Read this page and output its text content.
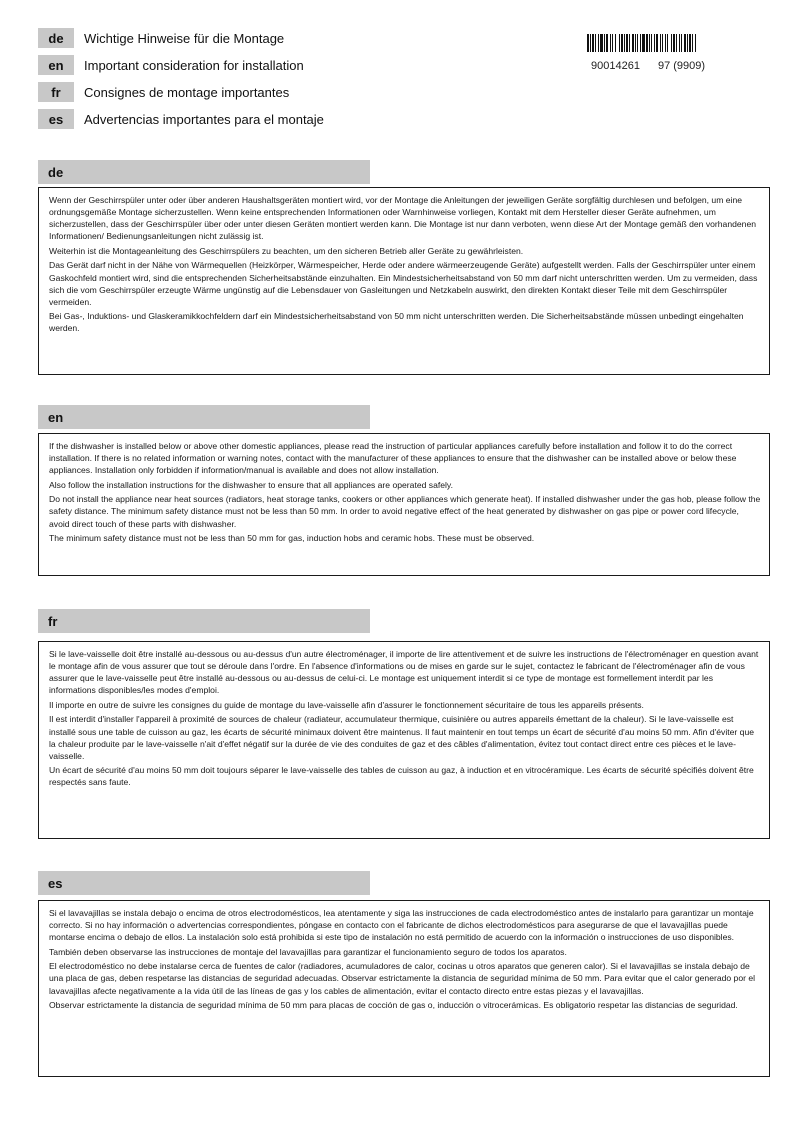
de	Wichtige Hinweise für die Montage
en	Important consideration for installation
fr	Consignes de montage importantes
es	Advertencias importantes para el montaje
90014261 97 (9909)
de

Wenn der Geschirrspüler unter oder über anderen Haushaltsgeräten montiert wird, vor der Montage die Anleitungen der jeweiligen Geräte sorgfältig durchlesen und befolgen, um eine ordnungsgemäße Montage sicherzustellen. Wenn keine entsprechenden Informationen oder Warnhinweise vorliegen, Kontakt mit dem Hersteller dieser Geräte aufnehmen, um sicherzustellen, dass der Geschirrspüler über oder unter diesen Geräten montiert werden kann. Die Montage ist nur dann verboten, wenn diese Art der Montage gemäß den vorhandenen Informationen/ Bedienungsanleitungen nicht zulässig ist.

Weiterhin ist die Montageanleitung des Geschirrspülers zu beachten, um den sicheren Betrieb aller Geräte zu gewährleisten.

Das Gerät darf nicht in der Nähe von Wärmequellen (Heizkörper, Wärmespeicher, Herde oder andere wärmeerzeugende Geräte) aufgestellt werden. Falls der Geschirrspüler unter einem Gaskochfeld montiert wird, sind die entsprechenden Sicherheitsabstände einzuhalten. Ein Mindestsicherheitsabstand von 50 mm darf nicht unterschritten werden. Um zu vermeiden, dass sich die vom Geschirrspüler erzeugte Wärme ungünstig auf die Lebensdauer von Gasleitungen und Netzkabeln auswirkt, den direkten Kontakt dieser Teile mit dem Geschirrspüler vermeiden.

Bei Gas-, Induktions- und Glaskeramikkochfeldern darf ein Mindestsicherheitsabstand von 50 mm nicht unterschritten werden. Die Sicherheitsabstände müssen unbedingt eingehalten werden.

en

If the dishwasher is installed below or above other domestic appliances, please read the instruction of particular appliances carefully before installation and follow it to do the correct installation. If there is no related information or warning notes, contact with the manufacturer of these appliances to ensure that the dishwasher can be installed above or below these appliances. Installation only forbidden if information/manual is available and does not allow installation.

Also follow the installation instructions for the dishwasher to ensure that all appliances are operated safely.

Do not install the appliance near heat sources (radiators, heat storage tanks, cookers or other appliances which generate heat). If installed dishwasher under the gas hob, please follow the safety distance. The minimum safety distance must not be less than 50 mm. In order to avoid negative effect of the heat generated by dishwasher on gas pipe or power cord lifecycle, avoid direct touch of these parts with dishwasher.

The minimum safety distance must not be less than 50 mm for gas, induction hobs and ceramic hobs. These must be observed.

fr

Si le lave-vaisselle doit être installé au-dessous ou au-dessus d'un autre électroménager, il importe de lire attentivement et de suivre les instructions de l'électroménager en question avant le montage afin de vous assurer que tout se déroule dans l'ordre. En l'absence d'informations ou de mises en garde sur le sujet, contactez le fabricant de l'électroménager afin de vous assurer que le lave-vaisselle peut être installé au-dessous ou au-dessus de celui-ci. Le montage est uniquement interdit si ce type de montage est formellement interdit par les informations disponibles/les modes d'emploi.

Il importe en outre de suivre les consignes du guide de montage du lave-vaisselle afin d'assurer le fonctionnement sécuritaire de tous les appareils présents.

Il est interdit d'installer l'appareil à proximité de sources de chaleur (radiateur, accumulateur thermique, cuisinière ou autres appareils émettant de la chaleur). Si le lave-vaisselle est installé sous une table de cuisson au gaz, les écarts de sécurité minimaux doivent être maintenus. Il faut maintenir en tout temps un écart de sécurité d'au moins 50 mm. Afin d'éviter que la chaleur produite par le lave-vaisselle n'ait d'effet négatif sur la durée de vie des conduites de gaz et des câbles d'alimentation, évitez tout contact direct entre ces pièces et le lave-vaisselle.

Un écart de sécurité d'au moins 50 mm doit toujours séparer le lave-vaisselle des tables de cuisson au gaz, à induction et en vitrocéramique. Les écarts de sécurité spécifiés doivent être respectés sans faute.

es

Si el lavavajillas se instala debajo o encima de otros electrodomésticos, lea atentamente y siga las instrucciones de cada electrodoméstico antes de instalarlo para garantizar un montaje correcto. Si no hay información o advertencias correspondientes, póngase en contacto con el fabricante de dichos electrodomésticos para asegurarse de que el lavavajillas puede montarse encima o debajo de ellos. La instalación solo está prohibida si este tipo de instalación no está permitido de acuerdo con la información o instrucciones de uso disponibles.

También deben observarse las instrucciones de montaje del lavavajillas para garantizar el funcionamiento seguro de todos los aparatos.

El electrodoméstico no debe instalarse cerca de fuentes de calor (radiadores, acumuladores de calor, cocinas u otros aparatos que generen calor). Si el lavavajillas se instala debajo de una placa de gas, deben respetarse las distancias de seguridad adecuadas. Observar estrictamente la distancia de seguridad mínima de 50 mm. Para evitar que el calor generado por el lavavajillas afecte negativamente a la vida útil de las líneas de gas y los cables de alimentación, evitar el contacto directo entre estas piezas y el lavavajillas.

Observar estrictamente la distancia de seguridad mínima de 50 mm para placas de cocción de gas o, inducción o vitrocerámicas. Es obligatorio respetar las distancias de seguridad.
